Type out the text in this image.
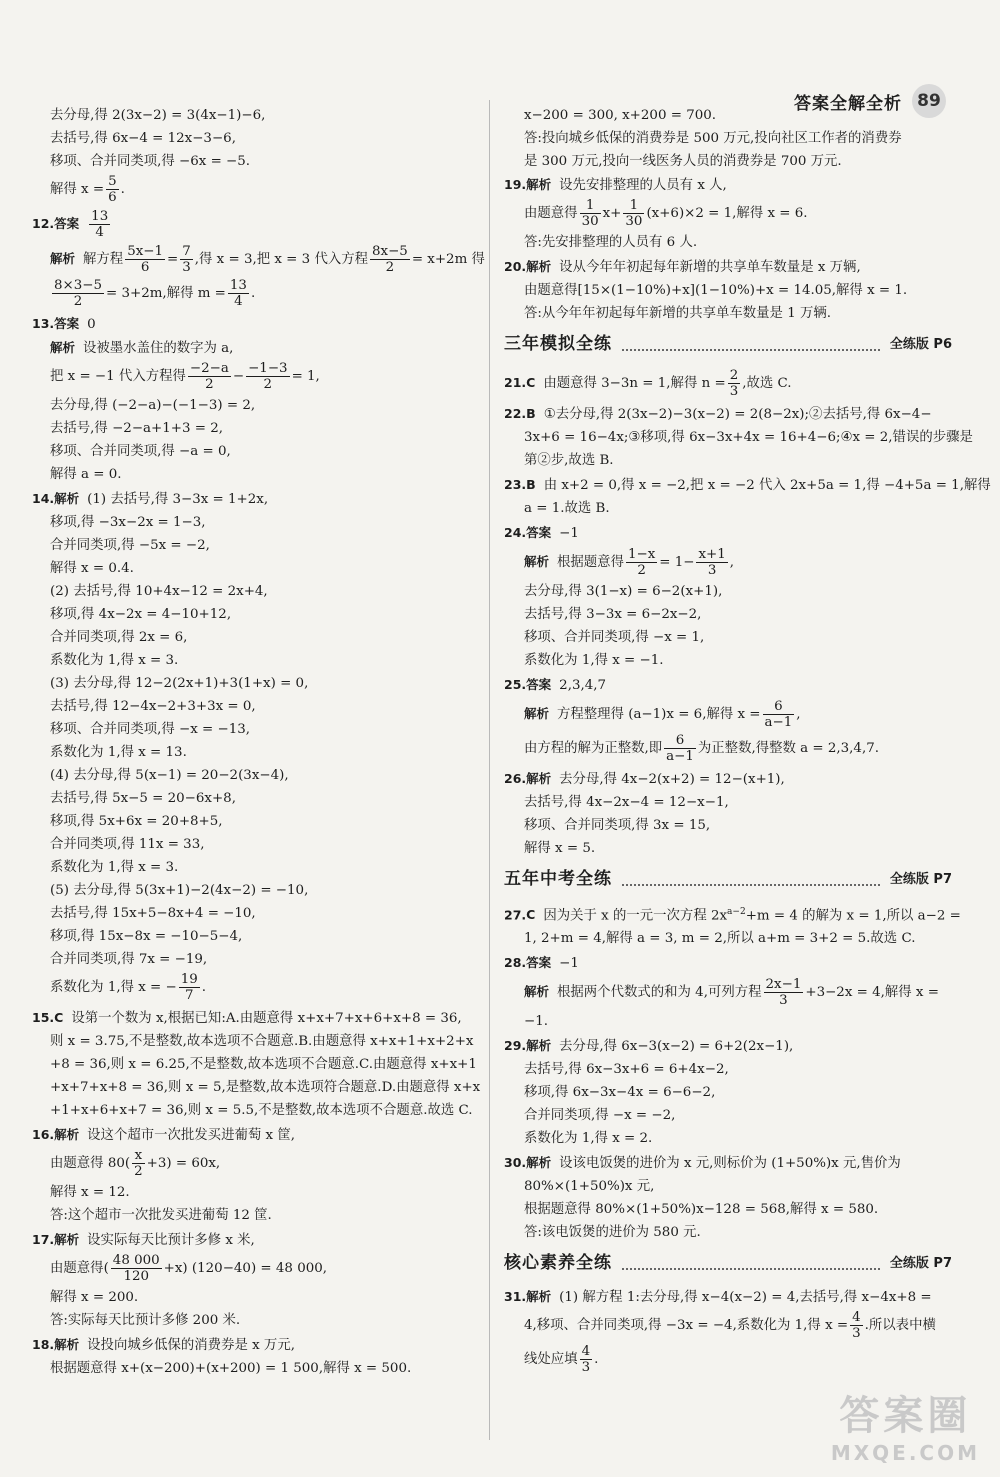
答案全解全析 89
去分母,得 2(3x−2) = 3(4x−1)−6,
去括号,得 6x−4 = 12x−3−6,
移项、合并同类项,得 −6x = −5.
解得 $x = \frac{5}{6}$ .
12.答案 $\frac{13}{4}$
解析 解方程 $\frac{5x-1}{6} = \frac{7}{3}$ ,得 x = 3,把 x = 3 代入方程 $\frac{8x-5}{2} = x+2m$ 得
$\frac{8\times 3-5}{2} = 3+2m$,解得 $m = \frac{13}{4}$ .
13.答案 0
解析 设被墨水盖住的数字为 a,
把 x = −1 代入方程得 $\frac{-2-a}{2} - \frac{-1-3}{2} = 1$,
去分母,得 (−2−a)−(−1−3) = 2,
去括号,得 −2−a+1+3 = 2,
移项、合并同类项,得 −a = 0,
解得 a = 0.
14.解析 (1) 去括号,得 3−3x = 1+2x,
移项,得 −3x−2x = 1−3,
合并同类项,得 −5x = −2,
解得 x = 0.4.
(2) 去括号,得 10+4x−12 = 2x+4,
移项,得 4x−2x = 4−10+12,
合并同类项,得 2x = 6,
系数化为 1,得 x = 3.
(3) 去分母,得 12−2(2x+1)+3(1+x) = 0,
去括号,得 12−4x−2+3+3x = 0,
移项、合并同类项,得 −x = −13,
系数化为 1,得 x = 13.
(4) 去分母,得 5(x−1) = 20−2(3x−4),
去括号,得 5x−5 = 20−6x+8,
移项,得 5x+6x = 20+8+5,
合并同类项,得 11x = 33,
系数化为 1,得 x = 3.
(5) 去分母,得 5(3x+1)−2(4x−2) = −10,
去括号,得 15x+5−8x+4 = −10,
移项,得 15x−8x = −10−5−4,
合并同类项,得 7x = −19,
系数化为 1,得 x = − $\frac{19}{7}$ .
15.C 设第一个数为 x,根据已知:A.由题意得 x+x+7+x+6+x+8 = 36,
则 x = 3.75,不是整数,故本选项不合题意.B.由题意得 x+x+1+x+2+x
+8 = 36,则 x = 6.25,不是整数,故本选项不合题意.C.由题意得 x+x+1
+x+7+x+8 = 36,则 x = 5,是整数,故本选项符合题意.D.由题意得 x+x
+1+x+6+x+7 = 36,则 x = 5.5,不是整数,故本选项不合题意.故选 C.
16.解析 设这个超市一次批发买进葡萄 x 筐,
由题意得 $80( \frac{x}{2} +3) = 60x$,
解得 x = 12.
答:这个超市一次批发买进葡萄 12 筐.
17.解析 设实际每天比预计多修 x 米,
由题意得( $\frac{48 000}{120} +x$) (120−40) = 48 000,
解得 x = 200.
答:实际每天比预计多修 200 米.
18.解析 设投向城乡低保的消费券是 x 万元,
根据题意得 x+(x−200)+(x+200) = 1 500,解得 x = 500.
x−200 = 300, x+200 = 700.
答:投向城乡低保的消费券是 500 万元,投向社区工作者的消费券
是 300 万元,投向一线医务人员的消费券是 700 万元.
19.解析 设先安排整理的人员有 x 人,
由题意得 $\frac{1}{30} x+ \frac{1}{30} (x+6)\times 2 = 1$,解得 x = 6.
答:先安排整理的人员有 6 人.
20.解析 设从今年年初起每年新增的共享单车数量是 x 万辆,
由题意得[15×(1−10%)+x](1−10%)+x = 14.05,解得 x = 1.
答:从今年年初起每年新增的共享单车数量是 1 万辆.
三年模拟全练	全练版 P6
21.C 由题意得 3−3n = 1,解得 $n = \frac{2}{3}$ ,故选 C.
22.B ①去分母,得 2(3x−2)−3(x−2) = 2(8−2x);②去括号,得 6x−4−
3x+6 = 16−4x;③移项,得 6x−3x+4x = 16+4−6;④x = 2,错误的步骤是
第②步,故选 B.
23.B 由 x+2 = 0,得 x = −2,把 x = −2 代入 2x+5a = 1,得 −4+5a = 1,解得
a = 1.故选 B.
24.答案 −1
解析 根据题意得 $\frac{1-x}{2} = 1- \frac{x+1}{3}$ ,
去分母,得 3(1−x) = 6−2(x+1),
去括号,得 3−3x = 6−2x−2,
移项、合并同类项,得 −x = 1,
系数化为 1,得 x = −1.
25.答案 2,3,4,7
解析 方程整理得 (a−1)x = 6,解得 $x = \frac{6}{a-1}$ ,
由方程的解为正整数,即 $\frac{6}{a-1}$ 为正整数,得整数 a = 2,3,4,7.
26.解析 去分母,得 4x−2(x+2) = 12−(x+1),
去括号,得 4x−2x−4 = 12−x−1,
移项、合并同类项,得 3x = 15,
解得 x = 5.
五年中考全练	全练版 P7
27.C 因为关于 x 的一元一次方程 $2x^{a-2}+m = 4$ 的解为 x = 1,所以 a−2 =
1, 2+m = 4,解得 a = 3, m = 2,所以 a+m = 3+2 = 5.故选 C.
28.答案 −1
解析 根据两个代数式的和为 4,可列方程 $\frac{2x-1}{3} +3-2x = 4$,解得 x =
−1.
29.解析 去分母,得 6x−3(x−2) = 6+2(2x−1),
去括号,得 6x−3x+6 = 6+4x−2,
移项,得 6x−3x−4x = 6−6−2,
合并同类项,得 −x = −2,
系数化为 1,得 x = 2.
30.解析 设该电饭煲的进价为 x 元,则标价为 (1+50%)x 元,售价为
80%×(1+50%)x 元,
根据题意得 80%×(1+50%)x−128 = 568,解得 x = 580.
答:该电饭煲的进价为 580 元.
核心素养全练	全练版 P7
31.解析 (1) 解方程 1:去分母,得 x−4(x−2) = 4,去括号,得 x−4x+8 =
4,移项、合并同类项,得 −3x = −4,系数化为 1,得 $x = \frac{4}{3}$ .所以表中横
线处应填 $\frac{4}{3}$ .
答案圈
MXQE.COM
